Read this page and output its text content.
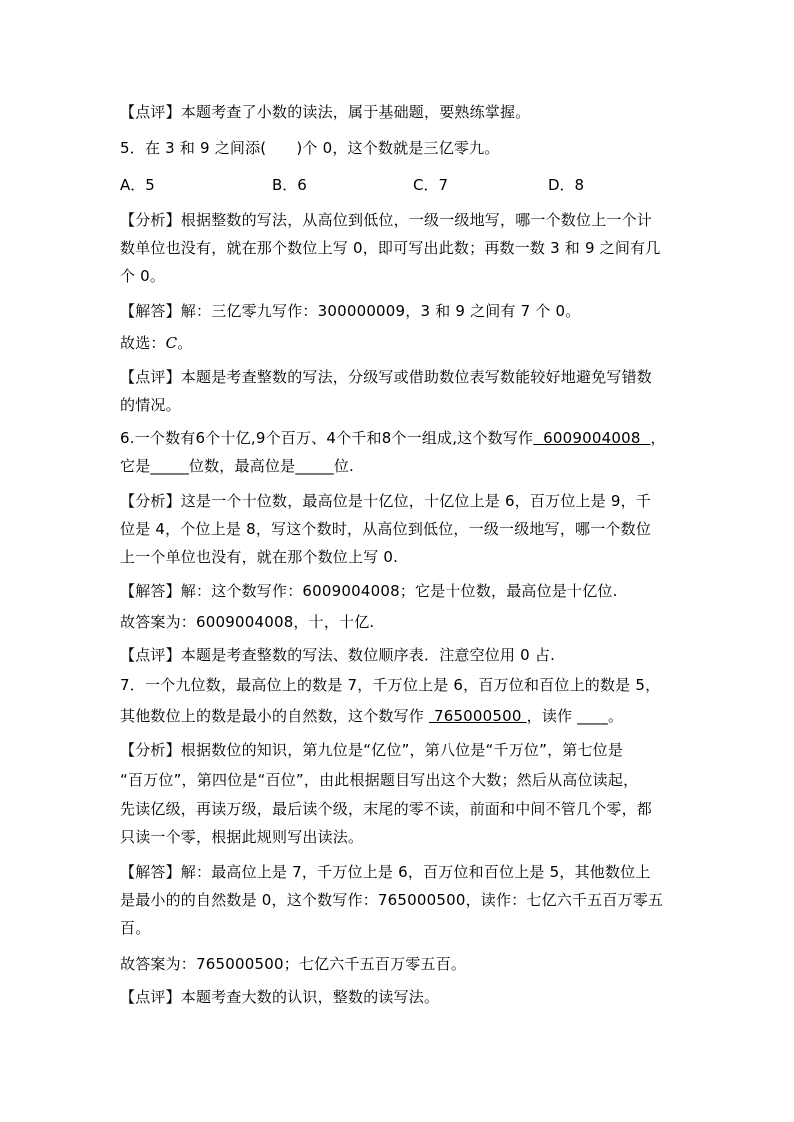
【点评】本题考查了小数的读法，属于基础题，要熟练掌握。
5．在 3 和 9 之间添( )个 0，这个数就是三亿零九。
A．5	B．6	C．7	D．8
【分析】根据整数的写法，从高位到低位，一级一级地写，哪一个数位上一个计
数单位也没有，就在那个数位上写 0，即可写出此数；再数一数 3 和 9 之间有几
个 0。
【解答】解：三亿零九写作：300000009，3 和 9 之间有 7 个 0。
故选：C。
【点评】本题是考查整数的写法，分级写或借助数位表写数能较好地避免写错数
的情况。
6.一个数有6个十亿,9个百万、4个千和8个一组成,这个数写作  6009004008  ，
它是_____位数，最高位是_____位.
【分析】这是一个十位数，最高位是十亿位，十亿位上是 6，百万位上是 9，千
位是 4，个位上是 8，写这个数时，从高位到低位，一级一级地写，哪一个数位
上一个单位也没有，就在那个数位上写 0.
【解答】解：这个数写作：6009004008；它是十位数，最高位是十亿位.
故答案为：6009004008，十，十亿.
【点评】本题是考查整数的写法、数位顺序表．注意空位用 0 占.
7．一个九位数，最高位上的数是 7，千万位上是 6，百万位和百位上的数是 5，
其他数位上的数是最小的自然数，这个数写作  765000500 ，读作 ____。
【分析】根据数位的知识，第九位是“亿位”，第八位是“千万位”，第七位是
“百万位”，第四位是“百位”，由此根据题目写出这个大数；然后从高位读起，
先读亿级，再读万级，最后读个级，末尾的零不读，前面和中间不管几个零，都
只读一个零，根据此规则写出读法。
【解答】解：最高位上是 7，千万位上是 6，百万位和百位上是 5，其他数位上
是最小的的自然数是 0，这个数写作：765000500，读作：七亿六千五百万零五
百。
故答案为：765000500；七亿六千五百万零五百。
【点评】本题考查大数的认识，整数的读写法。
